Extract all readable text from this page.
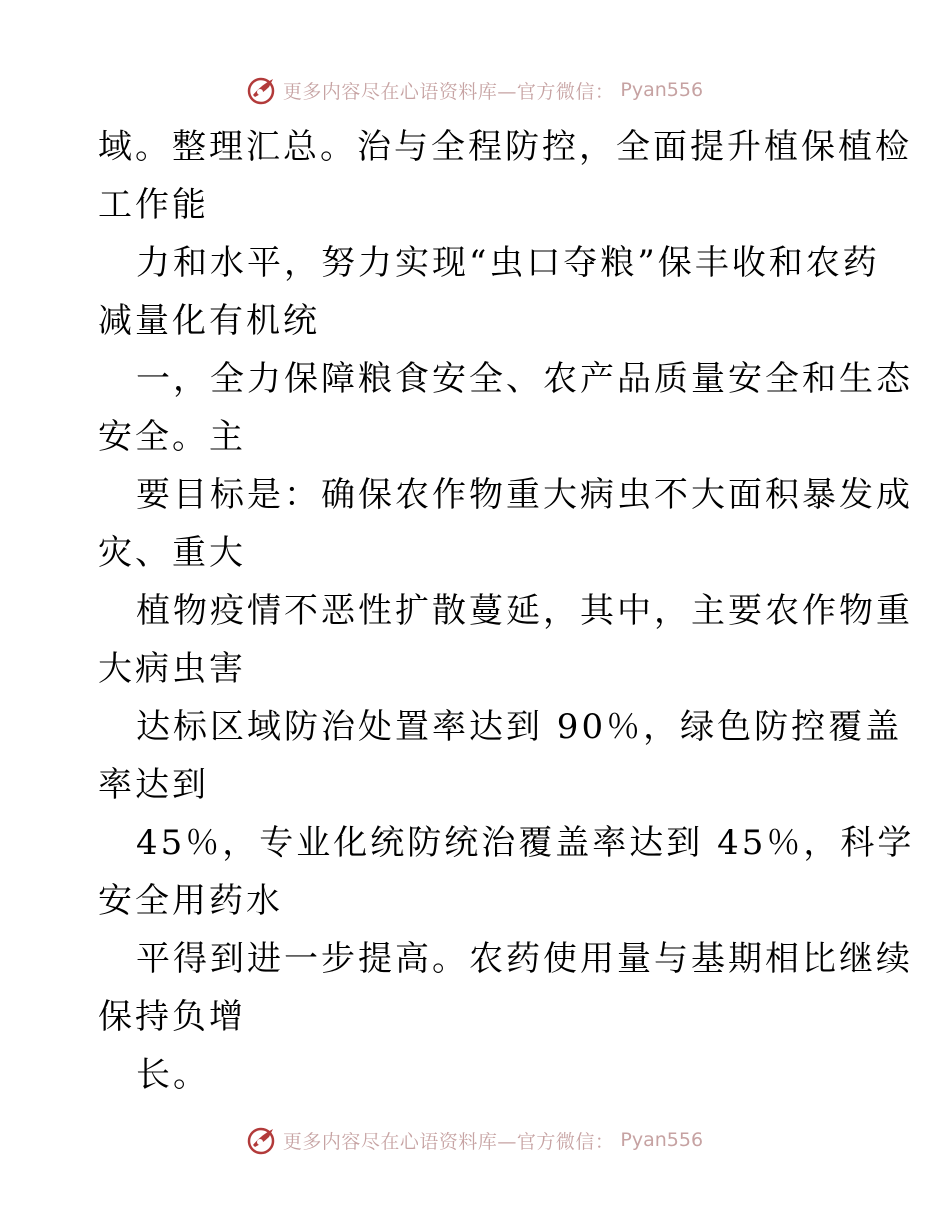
更多内容尽在心语资料库—官方微信： Pyan556
域。整理汇总。治与全程防控，全面提升植保植检
工作能
力和水平，努力实现“虫口夺粮”保丰收和农药
减量化有机统
一，全力保障粮食安全、农产品质量安全和生态
安全。主
要目标是：确保农作物重大病虫不大面积暴发成
灾、重大
植物疫情不恶性扩散蔓延，其中，主要农作物重
大病虫害
达标区域防治处置率达到 90％，绿色防控覆盖
率达到
45％，专业化统防统治覆盖率达到 45％，科学
安全用药水
平得到进一步提高。农药使用量与基期相比继续
保持负增
长。
更多内容尽在心语资料库—官方微信： Pyan556
